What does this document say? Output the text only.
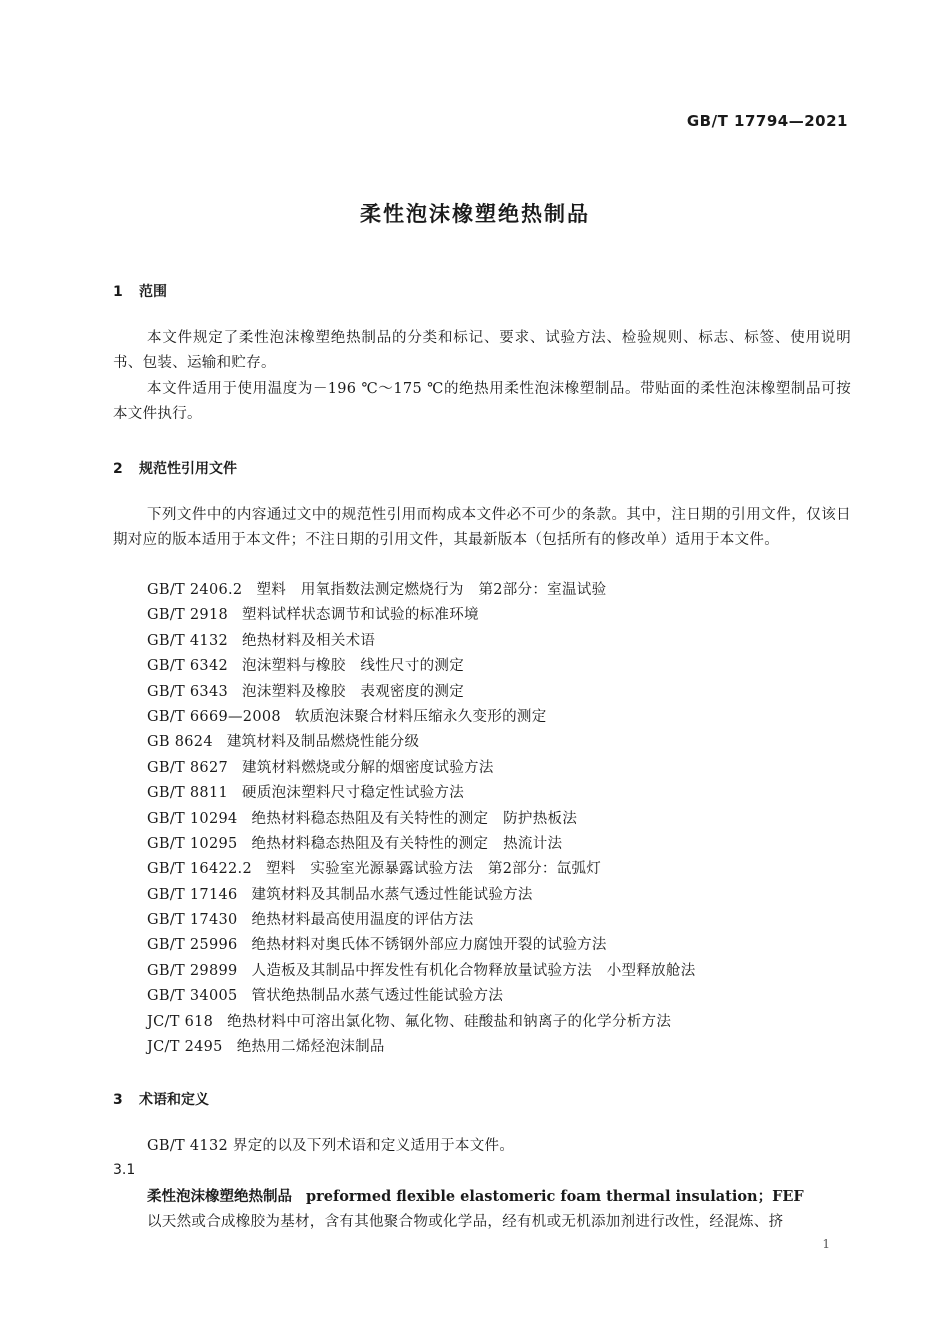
GB/T 17794—2021
柔性泡沫橡塑绝热制品
1 范围
本文件规定了柔性泡沫橡塑绝热制品的分类和标记、要求、试验方法、检验规则、标志、标签、使用说明书、包装、运输和贮存。
本文件适用于使用温度为－196 ℃～175 ℃的绝热用柔性泡沫橡塑制品。带贴面的柔性泡沫橡塑制品可按本文件执行。
2 规范性引用文件
下列文件中的内容通过文中的规范性引用而构成本文件必不可少的条款。其中，注日期的引用文件，仅该日期对应的版本适用于本文件；不注日期的引用文件，其最新版本（包括所有的修改单）适用于本文件。
GB/T 2406.2 塑料　用氧指数法测定燃烧行为　第2部分：室温试验
GB/T 2918 塑料试样状态调节和试验的标准环境
GB/T 4132 绝热材料及相关术语
GB/T 6342 泡沫塑料与橡胶　线性尺寸的测定
GB/T 6343 泡沫塑料及橡胶　表观密度的测定
GB/T 6669—2008 软质泡沫聚合材料压缩永久变形的测定
GB 8624 建筑材料及制品燃烧性能分级
GB/T 8627 建筑材料燃烧或分解的烟密度试验方法
GB/T 8811 硬质泡沫塑料尺寸稳定性试验方法
GB/T 10294 绝热材料稳态热阻及有关特性的测定　防护热板法
GB/T 10295 绝热材料稳态热阻及有关特性的测定　热流计法
GB/T 16422.2 塑料　实验室光源暴露试验方法　第2部分：氙弧灯
GB/T 17146 建筑材料及其制品水蒸气透过性能试验方法
GB/T 17430 绝热材料最高使用温度的评估方法
GB/T 25996 绝热材料对奥氏体不锈钢外部应力腐蚀开裂的试验方法
GB/T 29899 人造板及其制品中挥发性有机化合物释放量试验方法　小型释放舱法
GB/T 34005 管状绝热制品水蒸气透过性能试验方法
JC/T 618 绝热材料中可溶出氯化物、氟化物、硅酸盐和钠离子的化学分析方法
JC/T 2495 绝热用二烯烃泡沫制品
3 术语和定义
GB/T 4132 界定的以及下列术语和定义适用于本文件。
3.1
柔性泡沫橡塑绝热制品 preformed flexible elastomeric foam thermal insulation；FEF
以天然或合成橡胶为基材，含有其他聚合物或化学品，经有机或无机添加剂进行改性，经混炼、挤
1
